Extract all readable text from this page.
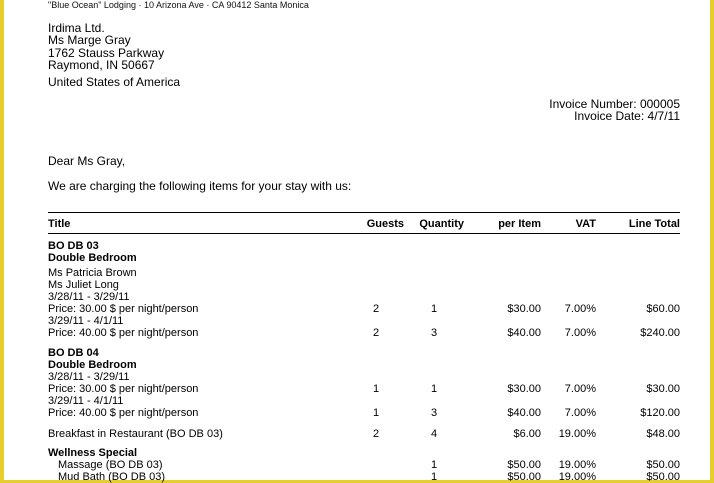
"Blue Ocean" Lodging · 10 Arizona Ave · CA 90412 Santa Monica
Irdima Ltd.
Ms Marge Gray
1762 Stauss Parkway
Raymond, IN 50667
United States of America
Invoice Number: 000005
Invoice Date: 4/7/11
Dear Ms Gray,
We are charging the following items for your stay with us:
Title	Guests	Quantity	per Item	VAT	Line Total
BO DB 03					
Double Bedroom					
Ms Patricia Brown					
Ms Juliet Long					
3/28/11 - 3/29/11					
Price: 30.00 $ per night/person	2	1	$30.00	7.00%	$60.00
3/29/11 - 4/1/11					
Price: 40.00 $ per night/person	2	3	$40.00	7.00%	$240.00
BO DB 04					
Double Bedroom					
3/28/11 - 3/29/11					
Price: 30.00 $ per night/person	1	1	$30.00	7.00%	$30.00
3/29/11 - 4/1/11					
Price: 40.00 $ per night/person	1	3	$40.00	7.00%	$120.00
Breakfast in Restaurant (BO DB 03)	2	4	$6.00	19.00%	$48.00
Wellness Special					
Massage (BO DB 03)		1	$50.00	19.00%	$50.00
Mud Bath (BO DB 03)		1	$50.00	19.00%	$50.00
